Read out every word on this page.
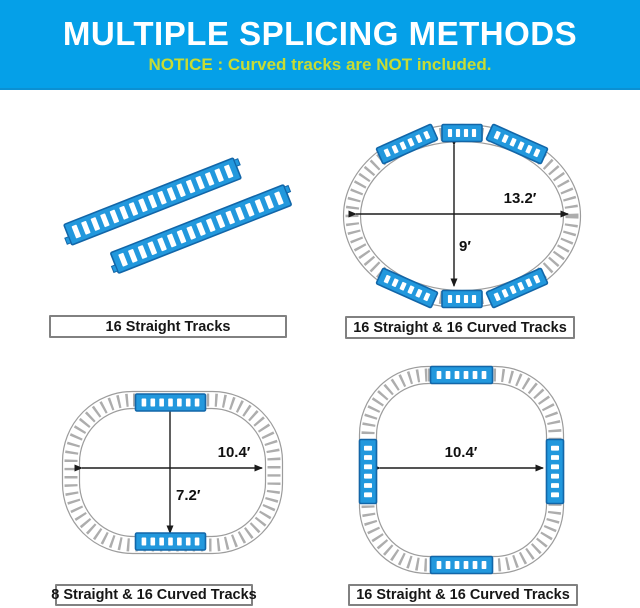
MULTIPLE SPLICING METHODS
NOTICE : Curved tracks are NOT included.
13.2′
9′
10.4′
7.2′
10.4′
16 Straight Tracks	16 Straight & 16 Curved Tracks
8 Straight & 16 Curved Tracks	16 Straight & 16 Curved Tracks
